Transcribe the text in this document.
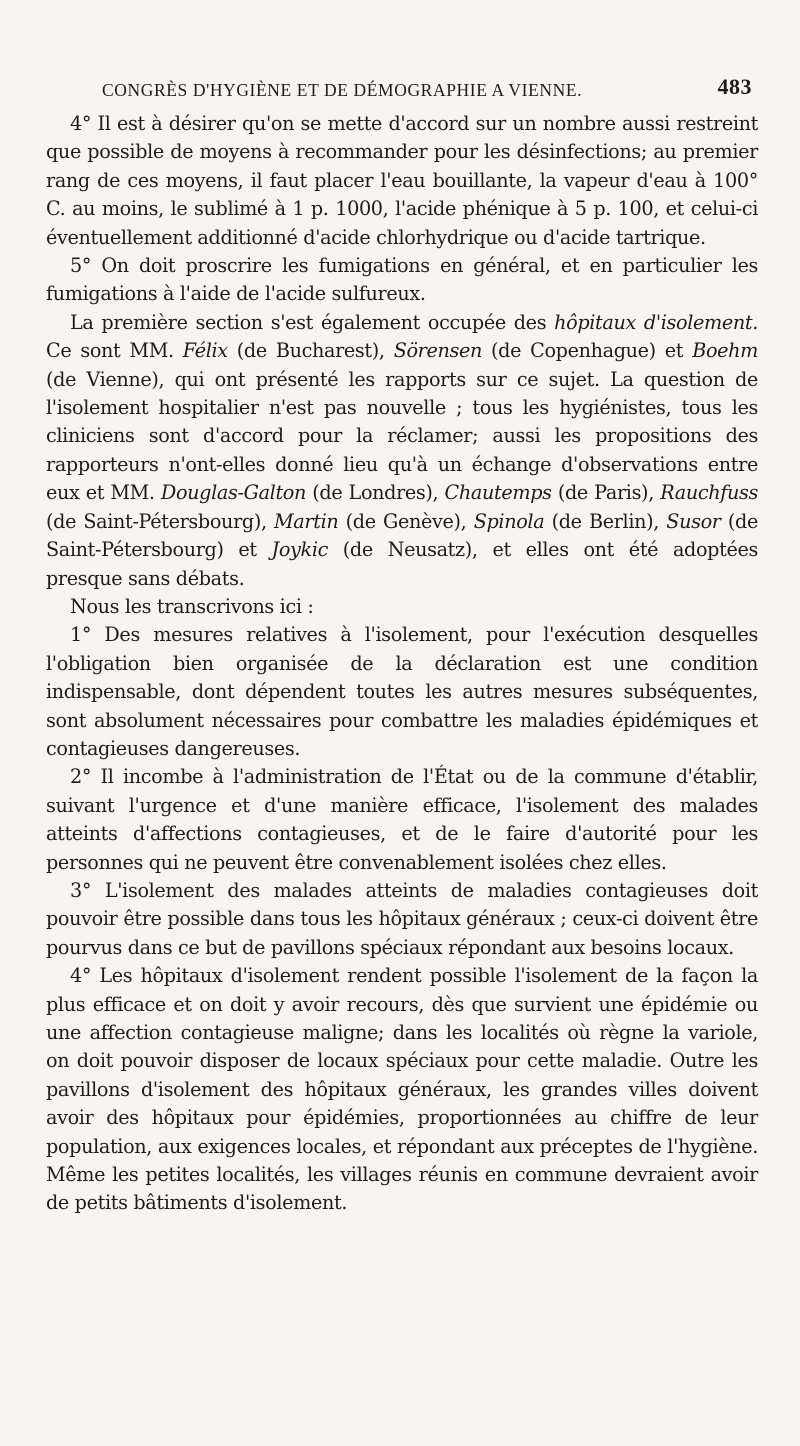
CONGRÈS D'HYGIÈNE ET DE DÉMOGRAPHIE A VIENNE.	483

4° Il est à désirer qu'on se mette d'accord sur un nombre aussi restreint que possible de moyens à recommander pour les désinfections; au premier rang de ces moyens, il faut placer l'eau bouillante, la vapeur d'eau à 100° C. au moins, le sublimé à 1 p. 1000, l'acide phénique à 5 p. 100, et celui-ci éventuellement additionné d'acide chlorhydrique ou d'acide tartrique.

5° On doit proscrire les fumigations en général, et en particulier les fumigations à l'aide de l'acide sulfureux.

La première section s'est également occupée des hôpitaux d'isolement. Ce sont MM. Félix (de Bucharest), Sörensen (de Copenhague) et Boehm (de Vienne), qui ont présenté les rapports sur ce sujet. La question de l'isolement hospitalier n'est pas nouvelle ; tous les hygiénistes, tous les cliniciens sont d'accord pour la réclamer; aussi les propositions des rapporteurs n'ont-elles donné lieu qu'à un échange d'observations entre eux et MM. Douglas-Galton (de Londres), Chautemps (de Paris), Rauchfuss (de Saint-Pétersbourg), Martin (de Genève), Spinola (de Berlin), Susor (de Saint-Pétersbourg) et Joykic (de Neusatz), et elles ont été adoptées presque sans débats.

Nous les transcrivons ici :

1° Des mesures relatives à l'isolement, pour l'exécution desquelles l'obligation bien organisée de la déclaration est une condition indispensable, dont dépendent toutes les autres mesures subséquentes, sont absolument nécessaires pour combattre les maladies épidémiques et contagieuses dangereuses.

2° Il incombe à l'administration de l'État ou de la commune d'établir, suivant l'urgence et d'une manière efficace, l'isolement des malades atteints d'affections contagieuses, et de le faire d'autorité pour les personnes qui ne peuvent être convenablement isolées chez elles.

3° L'isolement des malades atteints de maladies contagieuses doit pouvoir être possible dans tous les hôpitaux généraux ; ceux-ci doivent être pourvus dans ce but de pavillons spéciaux répondant aux besoins locaux.

4° Les hôpitaux d'isolement rendent possible l'isolement de la façon la plus efficace et on doit y avoir recours, dès que survient une épidémie ou une affection contagieuse maligne; dans les localités où règne la variole, on doit pouvoir disposer de locaux spéciaux pour cette maladie. Outre les pavillons d'isolement des hôpitaux généraux, les grandes villes doivent avoir des hôpitaux pour épidémies, proportionnées au chiffre de leur population, aux exigences locales, et répondant aux préceptes de l'hygiène. Même les petites localités, les villages réunis en commune devraient avoir de petits bâtiments d'isolement.
